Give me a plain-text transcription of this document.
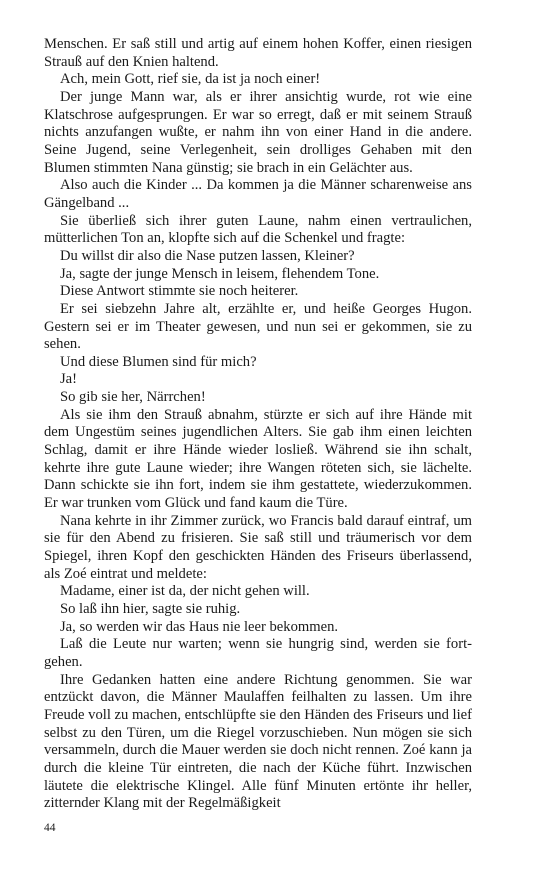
Menschen. Er saß still und artig auf einem hohen Koffer, einen riesigen Strauß auf den Knien haltend.

Ach, mein Gott, rief sie, da ist ja noch einer!

Der junge Mann war, als er ihrer ansichtig wurde, rot wie eine Klatschrose aufgesprungen. Er war so erregt, daß er mit seinem Strauß nichts anzufangen wußte, er nahm ihn von einer Hand in die andere. Seine Jugend, seine Verlegenheit, sein drolliges Gehaben mit den Blumen stimmten Nana günstig; sie brach in ein Gelächter aus.

Also auch die Kinder ... Da kommen ja die Männer scharenweise ans Gängelband ...

Sie überließ sich ihrer guten Laune, nahm einen vertraulichen, mütterlichen Ton an, klopfte sich auf die Schenkel und fragte:

Du willst dir also die Nase putzen lassen, Kleiner?

Ja, sagte der junge Mensch in leisem, flehendem Tone.

Diese Antwort stimmte sie noch heiterer.

Er sei siebzehn Jahre alt, erzählte er, und heiße Georges Hugon. Gestern sei er im Theater gewesen, und nun sei er gekommen, sie zu sehen.

Und diese Blumen sind für mich?

Ja!

So gib sie her, Närrchen!

Als sie ihm den Strauß abnahm, stürzte er sich auf ihre Hände mit dem Ungestüm seines jugendlichen Alters. Sie gab ihm einen leichten Schlag, damit er ihre Hände wieder losließ. Während sie ihn schalt, kehrte ihre gute Laune wieder; ihre Wangen röteten sich, sie lächelte. Dann schickte sie ihn fort, indem sie ihm gestattete, wiederzukommen. Er war trunken vom Glück und fand kaum die Türe.

Nana kehrte in ihr Zimmer zurück, wo Francis bald darauf eintraf, um sie für den Abend zu frisieren. Sie saß still und träumerisch vor dem Spiegel, ihren Kopf den geschickten Händen des Friseurs überlassend, als Zoé eintrat und meldete:

Madame, einer ist da, der nicht gehen will.

So laß ihn hier, sagte sie ruhig.

Ja, so werden wir das Haus nie leer bekommen.

Laß die Leute nur warten; wenn sie hungrig sind, werden sie fortgehen.

Ihre Gedanken hatten eine andere Richtung genommen. Sie war entzückt davon, die Männer Maulaffen feilhalten zu lassen. Um ihre Freude voll zu machen, entschlüpfte sie den Händen des Friseurs und lief selbst zu den Türen, um die Riegel vorzuschieben. Nun mögen sie sich versammeln, durch die Mauer werden sie doch nicht rennen. Zoé kann ja durch die kleine Tür eintreten, die nach der Küche führt. Inzwischen läutete die elektrische Klingel. Alle fünf Minuten ertönte ihr heller, zitternder Klang mit der Regelmäßigkeit

44
